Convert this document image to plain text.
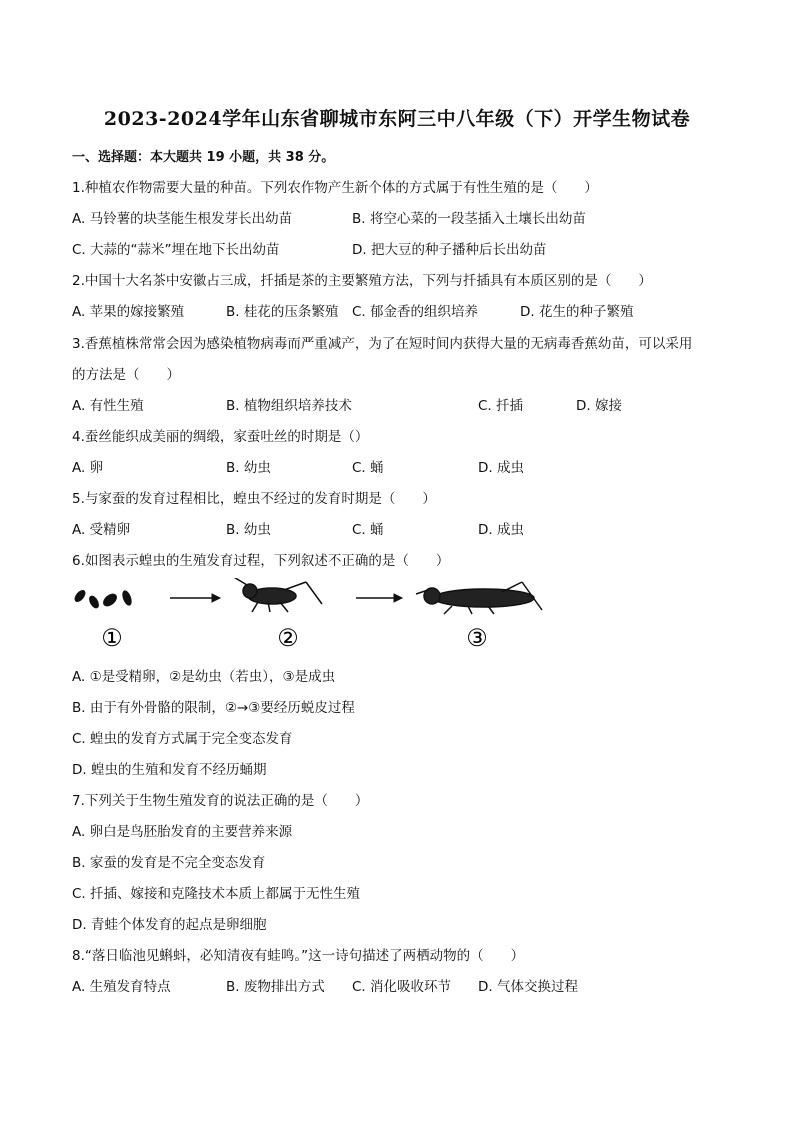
2023-2024学年山东省聊城市东阿三中八年级（下）开学生物试卷
一、选择题：本大题共 19 小题，共 38 分。
1.种植农作物需要大量的种苗。下列农作物产生新个体的方式属于有性生殖的是（　　）
A. 马铃薯的块茎能生根发芽长出幼苗	B. 将空心菜的一段茎插入土壤长出幼苗
C. 大蒜的“蒜米”埋在地下长出幼苗	D. 把大豆的种子播种后长出幼苗
2.中国十大名茶中安徽占三成，扦插是茶的主要繁殖方法，下列与扦插具有本质区别的是（　　）
A. 苹果的嫁接繁殖	B. 桂花的压条繁殖 C. 郁金香的组织培养	D. 花生的种子繁殖
3.香蕉植株常常会因为感染植物病毒而严重减产，为了在短时间内获得大量的无病毒香蕉幼苗，可以采用
的方法是（　　）
A. 有性生殖	B. 植物组织培养技术	C. 扦插	D. 嫁接
4.蚕丝能织成美丽的绸缎，家蚕吐丝的时期是（）
A. 卵	B. 幼虫	C. 蛹	D. 成虫
5.与家蚕的发育过程相比，蝗虫不经过的发育时期是（　　）
A. 受精卵	B. 幼虫	C. 蛹	D. 成虫
6.如图表示蝗虫的生殖发育过程，下列叙述不正确的是（　　）
①	②	③
A. ①是受精卵，②是幼虫（若虫），③是成虫
B. 由于有外骨骼的限制，②→③要经历蜕皮过程
C. 蝗虫的发育方式属于完全变态发育
D. 蝗虫的生殖和发育不经历蛹期
7.下列关于生物生殖发育的说法正确的是（　　）
A. 卵白是鸟胚胎发育的主要营养来源
B. 家蚕的发育是不完全变态发育
C. 扦插、嫁接和克隆技术本质上都属于无性生殖
D. 青蛙个体发育的起点是卵细胞
8.“落日临池见蝌蚪，必知清夜有蛙鸣。”这一诗句描述了两栖动物的（　　）
A. 生殖发育特点	B. 废物排出方式 C. 消化吸收环节 D. 气体交换过程
